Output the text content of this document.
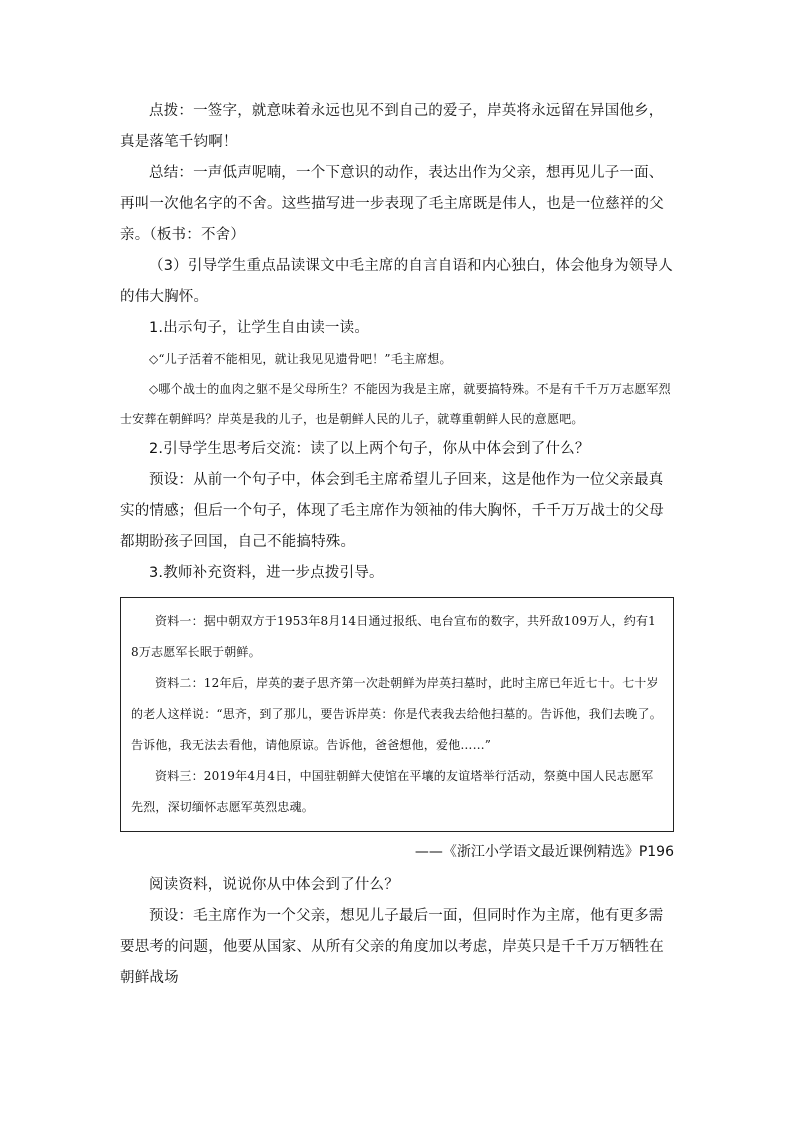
点拨：一签字，就意味着永远也见不到自己的爱子，岸英将永远留在异国他乡，真是落笔千钧啊！

总结：一声低声呢喃，一个下意识的动作，表达出作为父亲，想再见儿子一面、再叫一次他名字的不舍。这些描写进一步表现了毛主席既是伟人，也是一位慈祥的父亲。（板书：不舍）

（3）引导学生重点品读课文中毛主席的自言自语和内心独白，体会他身为领导人的伟大胸怀。

1.出示句子，让学生自由读一读。

◇“儿子活着不能相见，就让我见见遗骨吧！”毛主席想。

◇哪个战士的血肉之躯不是父母所生？不能因为我是主席，就要搞特殊。不是有千千万万志愿军烈士安葬在朝鲜吗？岸英是我的儿子，也是朝鲜人民的儿子，就尊重朝鲜人民的意愿吧。

2.引导学生思考后交流：读了以上两个句子，你从中体会到了什么？

预设：从前一个句子中，体会到毛主席希望儿子回来，这是他作为一位父亲最真实的情感；但后一个句子，体现了毛主席作为领袖的伟大胸怀，千千万万战士的父母都期盼孩子回国，自己不能搞特殊。

3.教师补充资料，进一步点拨引导。

资料一：据中朝双方于1953年8月14日通过报纸、电台宣布的数字，共歼敌109万人，约有18万志愿军长眠于朝鲜。

资料二：12年后，岸英的妻子思齐第一次赴朝鲜为岸英扫墓时，此时主席已年近七十。七十岁的老人这样说：“思齐，到了那儿，要告诉岸英：你是代表我去给他扫墓的。告诉他，我们去晚了。告诉他，我无法去看他，请他原谅。告诉他，爸爸想他，爱他……”

资料三：2019年4月4日，中国驻朝鲜大使馆在平壤的友谊塔举行活动，祭奠中国人民志愿军先烈，深切缅怀志愿军英烈忠魂。

——《浙江小学语文最近课例精选》P196

阅读资料，说说你从中体会到了什么？

预设：毛主席作为一个父亲，想见儿子最后一面，但同时作为主席，他有更多需要思考的问题，他要从国家、从所有父亲的角度加以考虑，岸英只是千千万万牺牲在朝鲜战场
